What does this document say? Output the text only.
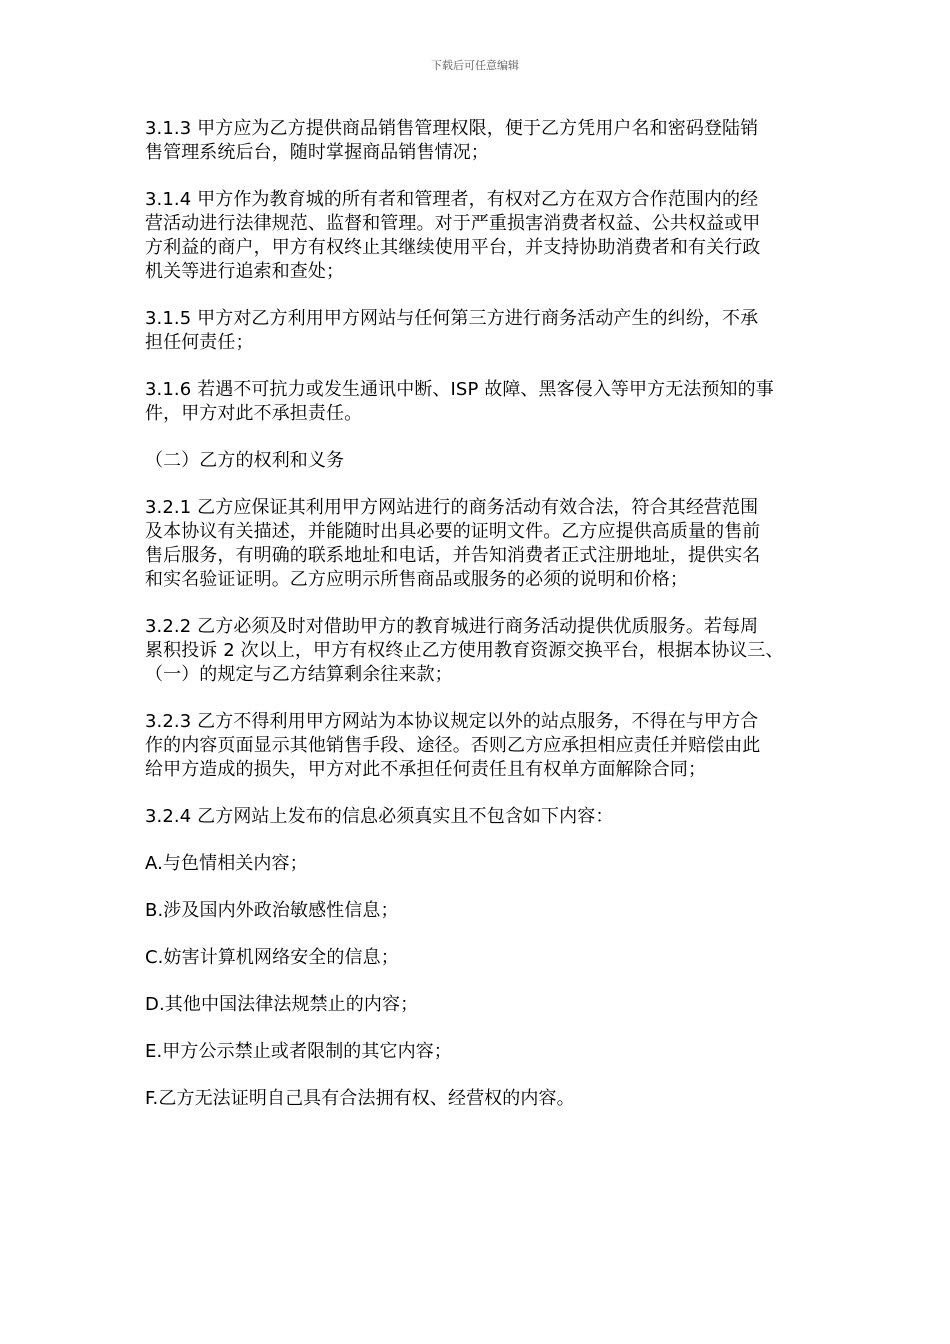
下载后可任意编辑

3.1.3 甲方应为乙方提供商品销售管理权限，便于乙方凭用户名和密码登陆销
售管理系统后台，随时掌握商品销售情况；

3.1.4 甲方作为教育城的所有者和管理者，有权对乙方在双方合作范围内的经
营活动进行法律规范、监督和管理。对于严重损害消费者权益、公共权益或甲
方利益的商户，甲方有权终止其继续使用平台，并支持协助消费者和有关行政
机关等进行追索和查处；

3.1.5 甲方对乙方利用甲方网站与任何第三方进行商务活动产生的纠纷，不承
担任何责任；

3.1.6 若遇不可抗力或发生通讯中断、ISP 故障、黑客侵入等甲方无法预知的事
件，甲方对此不承担责任。

（二）乙方的权利和义务

3.2.1 乙方应保证其利用甲方网站进行的商务活动有效合法，符合其经营范围
及本协议有关描述，并能随时出具必要的证明文件。乙方应提供高质量的售前
售后服务，有明确的联系地址和电话，并告知消费者正式注册地址，提供实名
和实名验证证明。乙方应明示所售商品或服务的必须的说明和价格；

3.2.2 乙方必须及时对借助甲方的教育城进行商务活动提供优质服务。若每周
累积投诉 2 次以上，甲方有权终止乙方使用教育资源交换平台，根据本协议三、
（一）的规定与乙方结算剩余往来款；

3.2.3 乙方不得利用甲方网站为本协议规定以外的站点服务，不得在与甲方合
作的内容页面显示其他销售手段、途径。否则乙方应承担相应责任并赔偿由此
给甲方造成的损失，甲方对此不承担任何责任且有权单方面解除合同；

3.2.4 乙方网站上发布的信息必须真实且不包含如下内容：

A.与色情相关内容；

B.涉及国内外政治敏感性信息；

C.妨害计算机网络安全的信息；

D.其他中国法律法规禁止的内容；

E.甲方公示禁止或者限制的其它内容；

F.乙方无法证明自己具有合法拥有权、经营权的内容。
